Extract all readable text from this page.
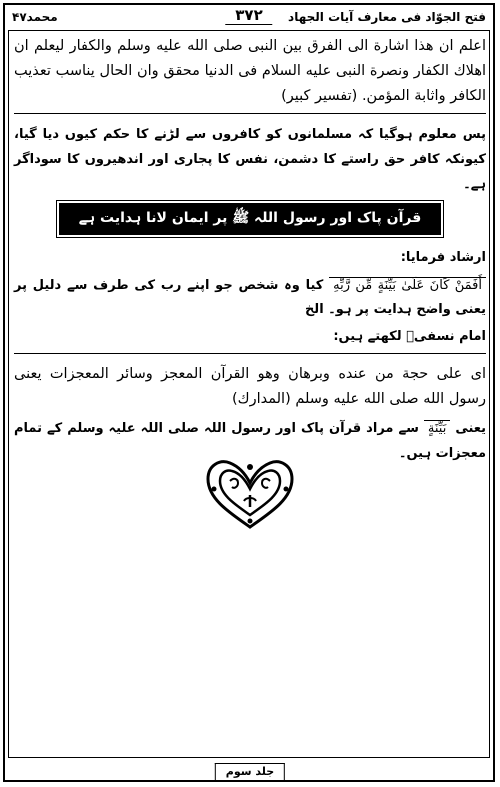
فتح الجوّاد فی معارف آیات الجهاد
۳۷۲
محمد۴۷

اعلم ان هذا اشارة الى الفرق بين النبى صلى الله عليه وسلم والكفار ليعلم ان اهلاك الكفار ونصرة النبى عليه السلام فى الدنيا محقق وان الحال يناسب تعذيب الكافر واثابة المؤمن. (تفسیر کبیر)

پس معلوم ہوگیا کہ مسلمانوں کو کافروں سے لڑنے کا حکم کیوں دیا گیا، کیونکہ کافر حق راستے کا دشمن، نفس کا پجاری اور اندھیروں کا سوداگر ہے۔

قرآن پاک اور رسول اللہ ﷺ پر ایمان لانا ہدایت ہے

ارشاد فرمایا:

أَفَمَنْ كَانَ عَلَىٰ بَيِّنَةٍ مِّن رَّبِّهِ کیا وہ شخص جو اپنے رب کی طرف سے دلیل پر یعنی واضح ہدایت پر ہو۔ الخ

امام نسفیؒ لکھتے ہیں:

اى على حجة من عنده وبرهان وهو القرآن المعجز وسائر المعجزات يعنى رسول الله صلى الله عليه وسلم (المدارك)

یعنی بَيِّنَةٍ سے مراد قرآن پاک اور رسول اللہ صلی اللہ علیہ وسلم کے تمام معجزات ہیں۔

جلد سوم
